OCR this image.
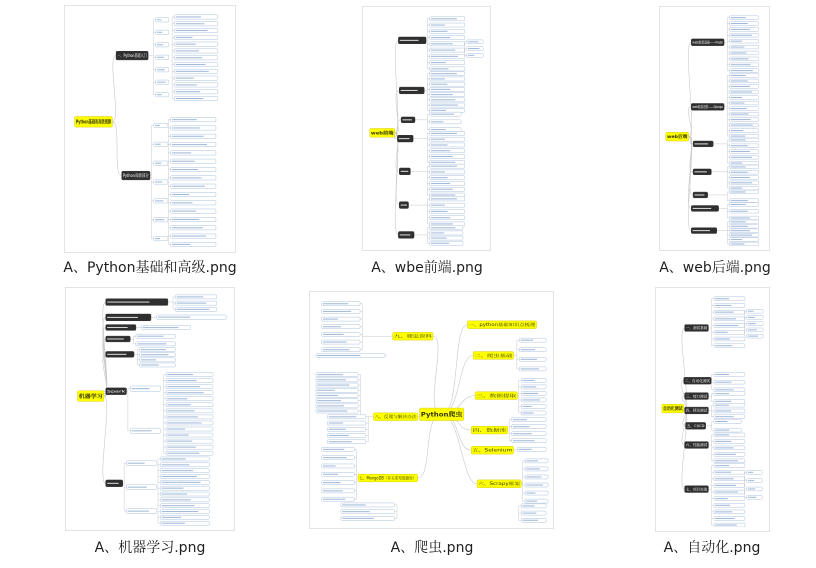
Python基础和高级视频
一、Python基础入门
Python高级部分
web前端
web后端
web框架基础——Flask
web框架进阶——Django
机器学习
Spark
Python爬虫
一、python基础知识点梳理
二、爬虫基础
三、数据提取
四、数据库
五、Selenium
六、Scrapy框架
九、爬虫资料
八、反爬与解决办法
七、MongoDB（非关系型数据库）
自动化测试
一、测试基础
二、自动化测试
三、接口测试
四、移动测试
五、CI/CD
六、性能测试
七、项目实战
A、Python基础和高级.png	A、wbe前端.png	A、web后端.png
A、机器学习.png	A、爬虫.png	A、自动化.png
